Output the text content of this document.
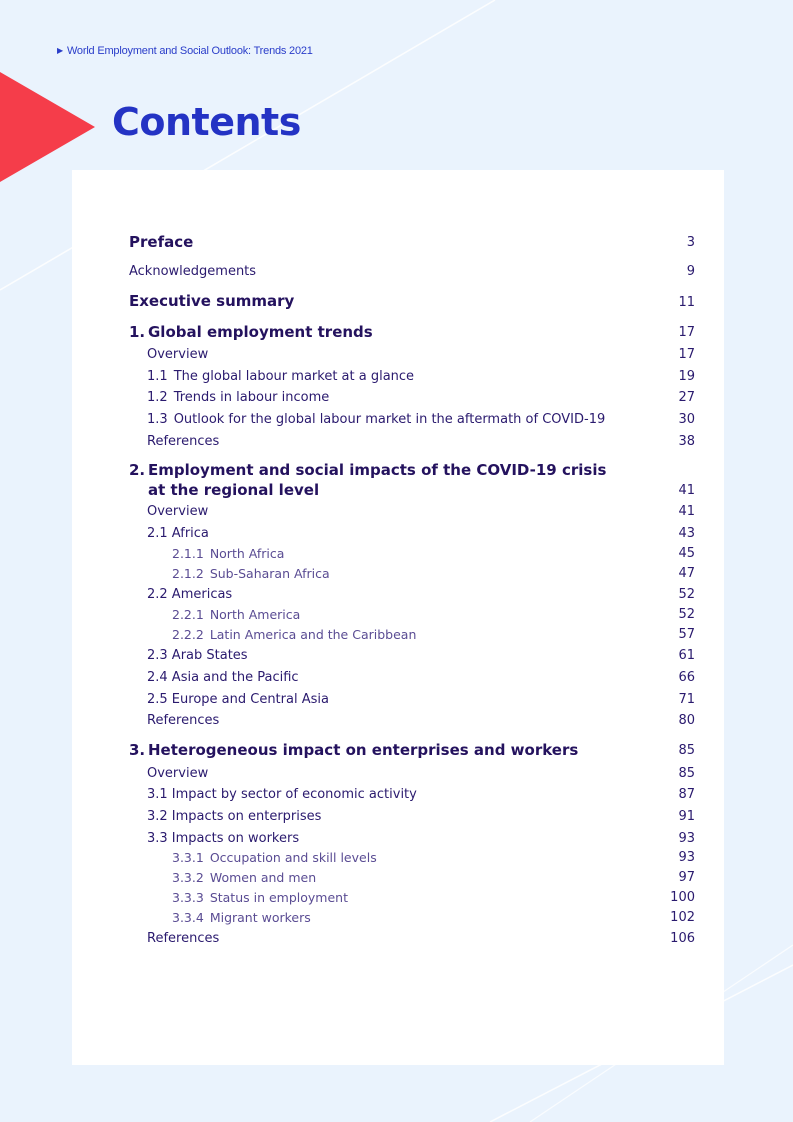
▶ World Employment and Social Outlook: Trends 2021
Contents
Preface	3
Acknowledgements	9
Executive summary	11
1. Global employment trends	17
Overview	17
1.1 The global labour market at a glance	19
1.2 Trends in labour income	27
1.3 Outlook for the global labour market in the aftermath of COVID-19	30
References	38
2. Employment and social impacts of the COVID-19 crisis
at the regional level	41
Overview	41
2.1 Africa	43
2.1.1 North Africa	45
2.1.2 Sub-Saharan Africa	47
2.2 Americas	52
2.2.1 North America	52
2.2.2 Latin America and the Caribbean	57
2.3 Arab States	61
2.4 Asia and the Pacific	66
2.5 Europe and Central Asia	71
References	80
3. Heterogeneous impact on enterprises and workers	85
Overview	85
3.1 Impact by sector of economic activity	87
3.2 Impacts on enterprises	91
3.3 Impacts on workers	93
3.3.1 Occupation and skill levels	93
3.3.2 Women and men	97
3.3.3 Status in employment	100
3.3.4 Migrant workers	102
References	106
